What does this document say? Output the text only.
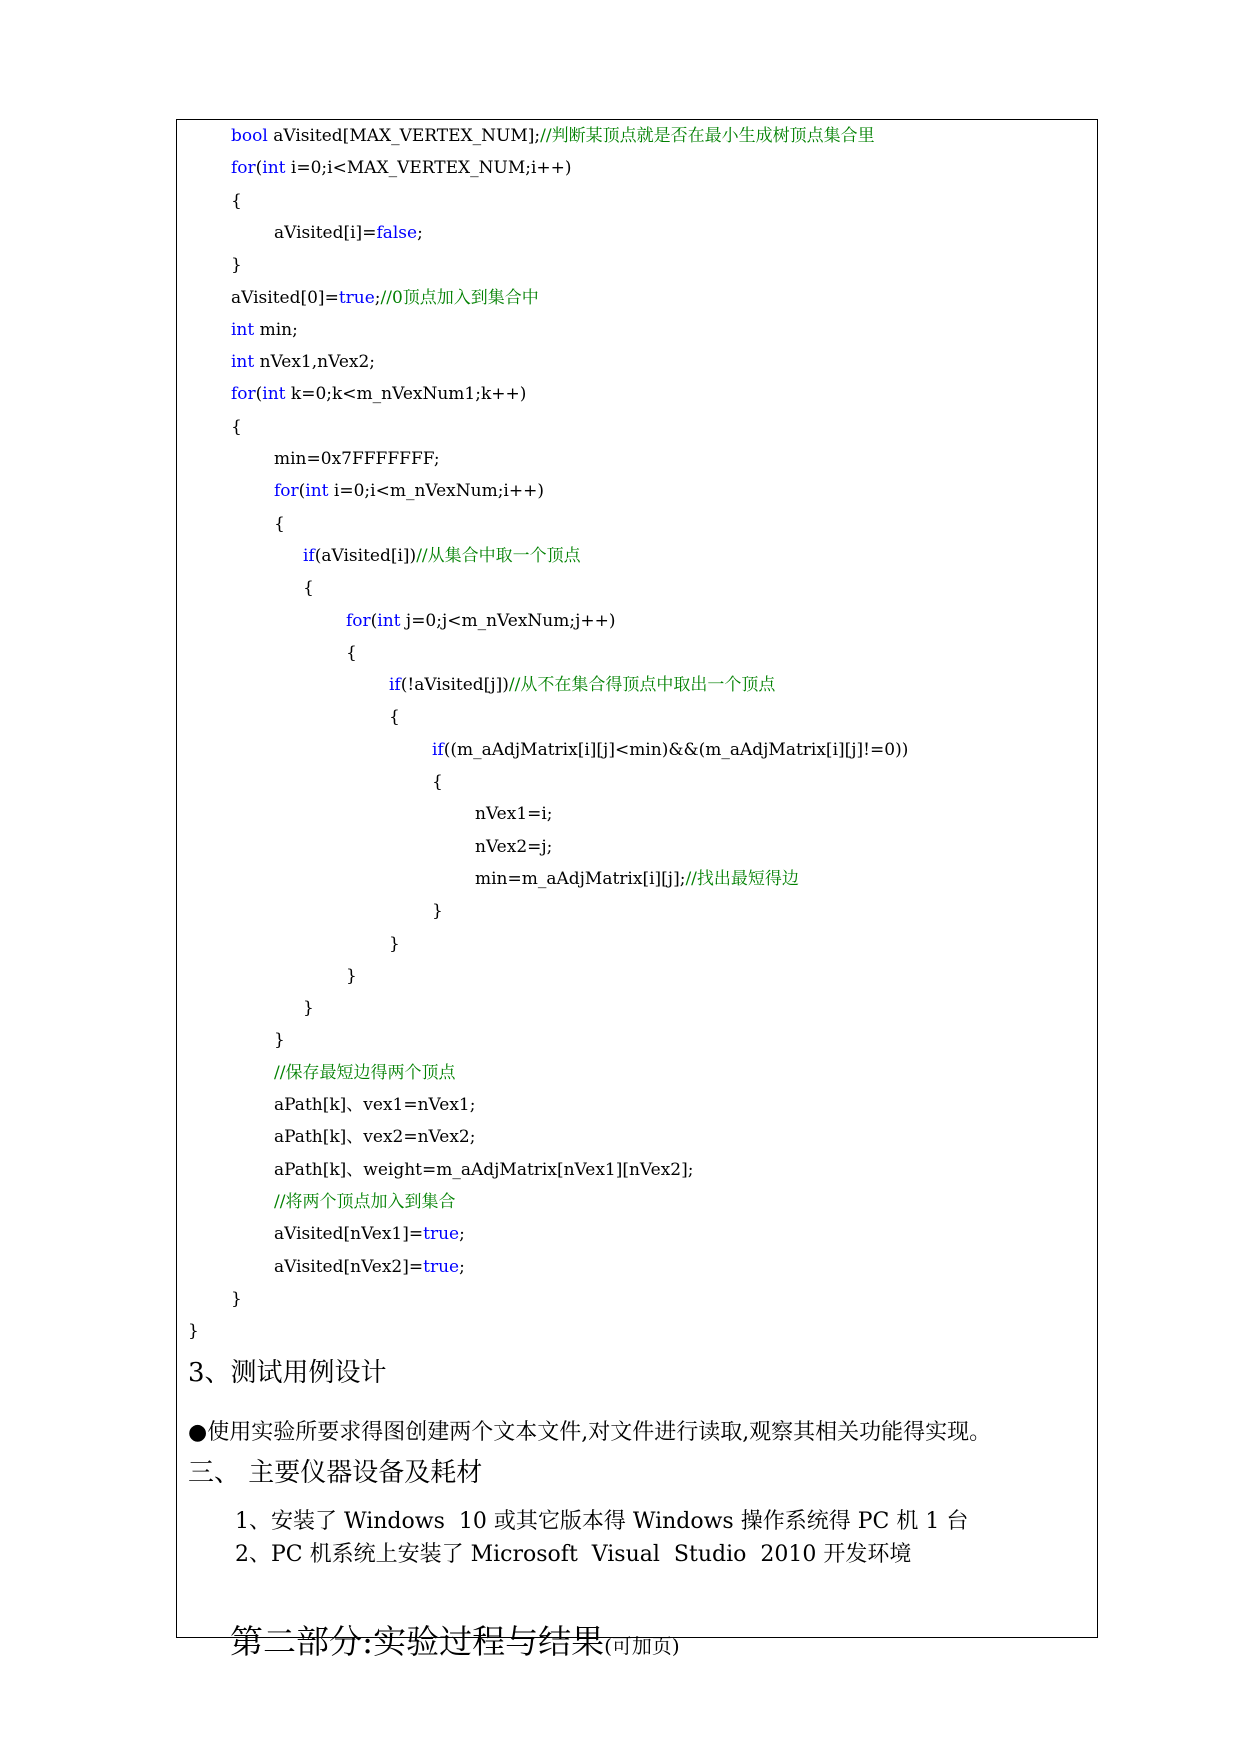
bool aVisited[MAX_VERTEX_NUM];//判断某顶点就是否在最小生成树顶点集合里
for(int i=0;i<MAX_VERTEX_NUM;i++)
{
aVisited[i]=false;
}
aVisited[0]=true;//0顶点加入到集合中
int min;
int nVex1,nVex2;
for(int k=0;k<m_nVexNum1;k++)
{
min=0x7FFFFFFF;
for(int i=0;i<m_nVexNum;i++)
{
if(aVisited[i])//从集合中取一个顶点
{
for(int j=0;j<m_nVexNum;j++)
{
if(!aVisited[j])//从不在集合得顶点中取出一个顶点
{
if((m_aAdjMatrix[i][j]<min)&&(m_aAdjMatrix[i][j]!=0))
{
nVex1=i;
nVex2=j;
min=m_aAdjMatrix[i][j];//找出最短得边
}
}
}
}
}
//保存最短边得两个顶点
aPath[k]、vex1=nVex1;
aPath[k]、vex2=nVex2;
aPath[k]、weight=m_aAdjMatrix[nVex1][nVex2];
//将两个顶点加入到集合
aVisited[nVex1]=true;
aVisited[nVex2]=true;
}
}
3、测试用例设计
●使用实验所要求得图创建两个文本文件,对文件进行读取,观察其相关功能得实现。
三、 主要仪器设备及耗材
1、安装了 Windows  10 或其它版本得 Windows 操作系统得 PC 机 1 台
2、PC 机系统上安装了 Microsoft  Visual  Studio  2010 开发环境

第二部分:实验过程与结果(可加页)
